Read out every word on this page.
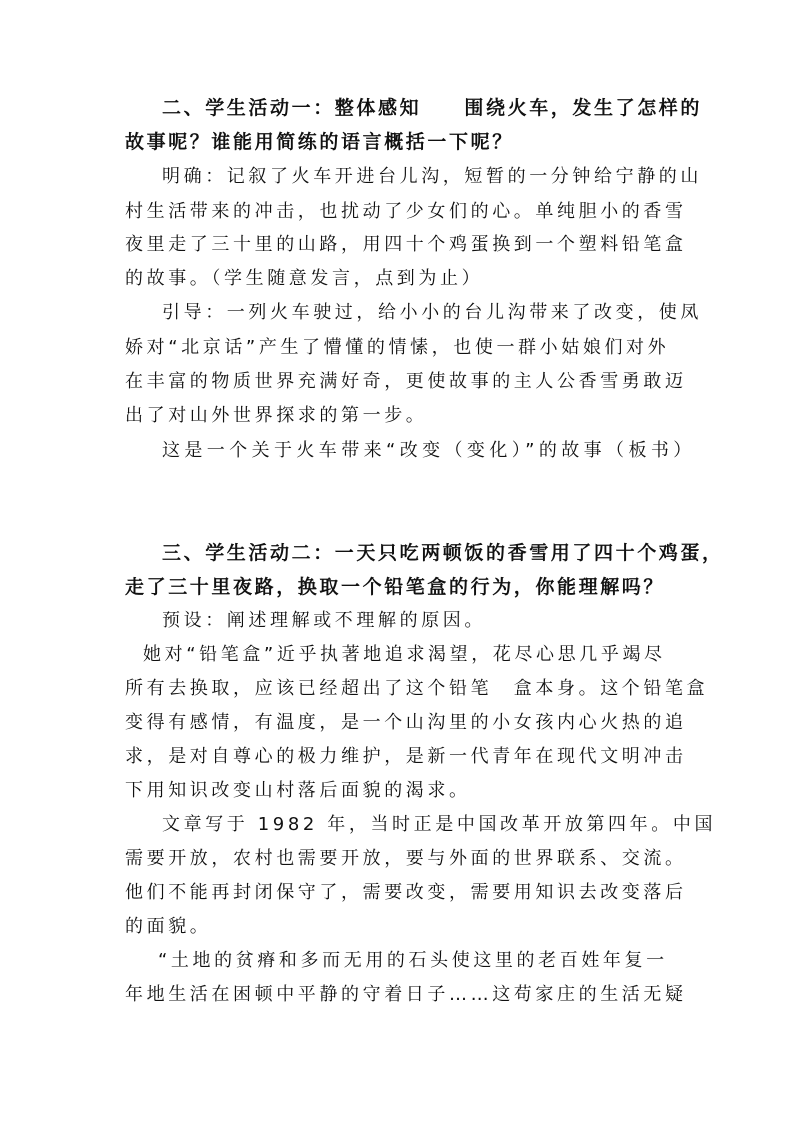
二、学生活动一：整体感知　　围绕火车，发生了怎样的
故事呢？谁能用简练的语言概括一下呢？
明确：记叙了火车开进台儿沟，短暂的一分钟给宁静的山
村生活带来的冲击，也扰动了少女们的心。单纯胆小的香雪
夜里走了三十里的山路，用四十个鸡蛋换到一个塑料铅笔盒
的故事。（学生随意发言，点到为止）
引导：一列火车驶过，给小小的台儿沟带来了改变，使凤
娇对“北京话”产生了懵懂的情愫，也使一群小姑娘们对外
在丰富的物质世界充满好奇，更使故事的主人公香雪勇敢迈
出了对山外世界探求的第一步。
这是一个关于火车带来“改变（变化）”的故事（板书）
三、学生活动二：一天只吃两顿饭的香雪用了四十个鸡蛋，
走了三十里夜路，换取一个铅笔盒的行为，你能理解吗？
预设：阐述理解或不理解的原因。
她对“铅笔盒”近乎执著地追求渴望，花尽心思几乎竭尽
所有去换取，应该已经超出了这个铅笔　盒本身。这个铅笔盒
变得有感情，有温度，是一个山沟里的小女孩内心火热的追
求，是对自尊心的极力维护，是新一代青年在现代文明冲击
下用知识改变山村落后面貌的渴求。
文章写于 1982 年，当时正是中国改革开放第四年。中国
需要开放，农村也需要开放，要与外面的世界联系、交流。
他们不能再封闭保守了，需要改变，需要用知识去改变落后
的面貌。
“土地的贫瘠和多而无用的石头使这里的老百姓年复一
年地生活在困顿中平静的守着日子……这苟家庄的生活无疑
